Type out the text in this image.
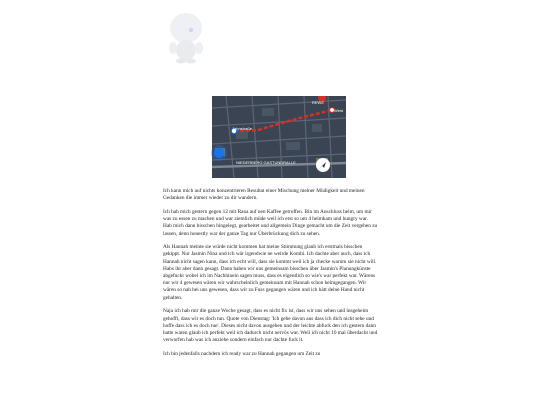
Jahnstraße
Weid
REWE
NIEDERBERG GASTUNDRALLE

Ich kann mich auf nichts konzentrieren Resultat einer Mischung meiner Müdigkeit und meinen Gedanken die immer wieder zu dir wandern.

Ich hab mich gestern gegen 12 mit Rana auf nen Kaffee getroffen. Bin im Anschluss heim, um mir was zu essen zu machen und war ziemlich müde weil ich erst so um 4 heimkam und hungry war. Hab mich dann bisschen hingelegt, gearbeitet und allgemein Dinge gemacht um die Zeit vergehen zu lassen, denn honestly war der ganze Tag nur Überbrückung dich zu sehen.

Als Hannah meinte sie würde nicht kommen hat meine Stimmung glaub ich erstmals bisschen gekippt. Nur Jasmin Nina und ich wär irgendwie ne weirde Kombi. Ich dachte aber auch, dass ich Hannah nicht sagen kann, dass ich echt will, dass sie kommt weil ich ja checke warum sie nicht will. Habs ihr aber dann gesagt. Dann haben wir uns gemeinsam bisschen über Jasmin's Planungkünste abgefuckt wobei ich im Nachhinein sagen muss, dass es eigentlich so wie's war perfekt war. Wärens nur wir 4 gewesen wären wir wahrscheinlich gemeinsam mit Hannah schon heimgegangen. Wir wären so nah bei uns gewesen, dass wir zu Fuss gegangen wären und ich hätt deine Hand nicht gehalten.

Naja ich hab mir die ganze Woche gesagt, dass es nicht fix ist, dass wir uns sehen und insgeheim gehofft, dass wir es doch tun. Quote von Dienstag: 'Ich gehe davon aus dass ich dich nicht sehe und hoffe dass ich es doch tue'. Dieses nicht davon ausgehen und der leichte abfuck den ich gestern dann hatte waren glaub ich perfekt weil ich dadurch nicht nervös war. Weil ich nicht 10 mal überdacht und verworfen hab was ich anziehe sondern einfach nur dachte fuck it.

Ich bin jedenfalls nachdem ich ready war zu Hannah gegangen um Zeit zu
